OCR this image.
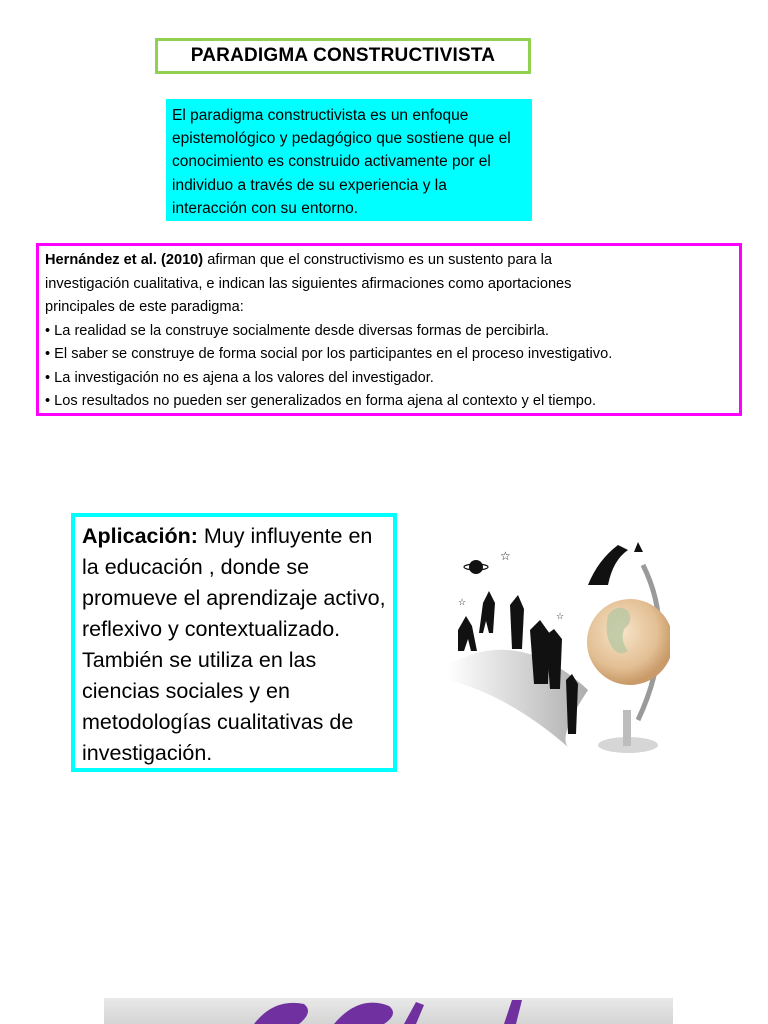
PARADIGMA CONSTRUCTIVISTA
El paradigma constructivista es un enfoque epistemológico y pedagógico que sostiene que el conocimiento es construido activamente por el individuo a través de su experiencia y la interacción con su entorno.
Hernández et al. (2010) afirman que el constructivismo es un sustento para la
investigación cualitativa, e indican las siguientes afirmaciones como aportaciones
principales de este paradigma:
• La realidad se la construye socialmente desde diversas formas de percibirla.
• El saber se construye de forma social por los participantes en el proceso investigativo.
• La investigación no es ajena a los valores del investigador.
• Los resultados no pueden ser generalizados en forma ajena al contexto y el tiempo.
Aplicación: Muy influyente en la educación , donde se promueve el aprendizaje activo, reflexivo y contextualizado. También se utiliza en las ciencias sociales y en metodologías cualitativas de investigación.
☆
☆
☆
